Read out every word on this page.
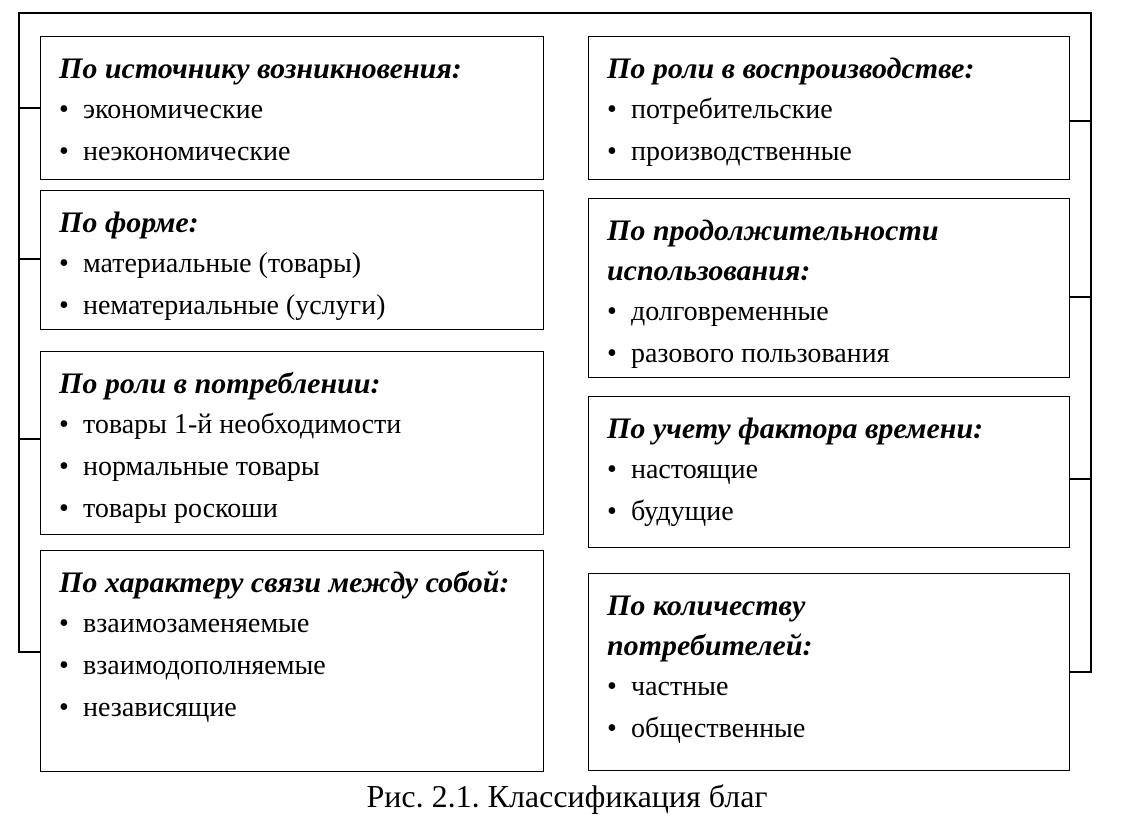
По источнику возникновения:
• экономические
• неэкономические
По форме:
• материальные (товары)
• нематериальные (услуги)
По роли в потреблении:
• товары 1-й необходимости
• нормальные товары
• товары роскоши
По характеру связи между собой:
• взаимозаменяемые
• взаимодополняемые
• независящие
По роли в воспроизводстве:
• потребительские
• производственные
По продолжительности использования:
• долговременные
• разового пользования
По учету фактора времени:
• настоящие
• будущие
По количеству потребителей:
• частные
• общественные
Рис. 2.1. Классификация благ
